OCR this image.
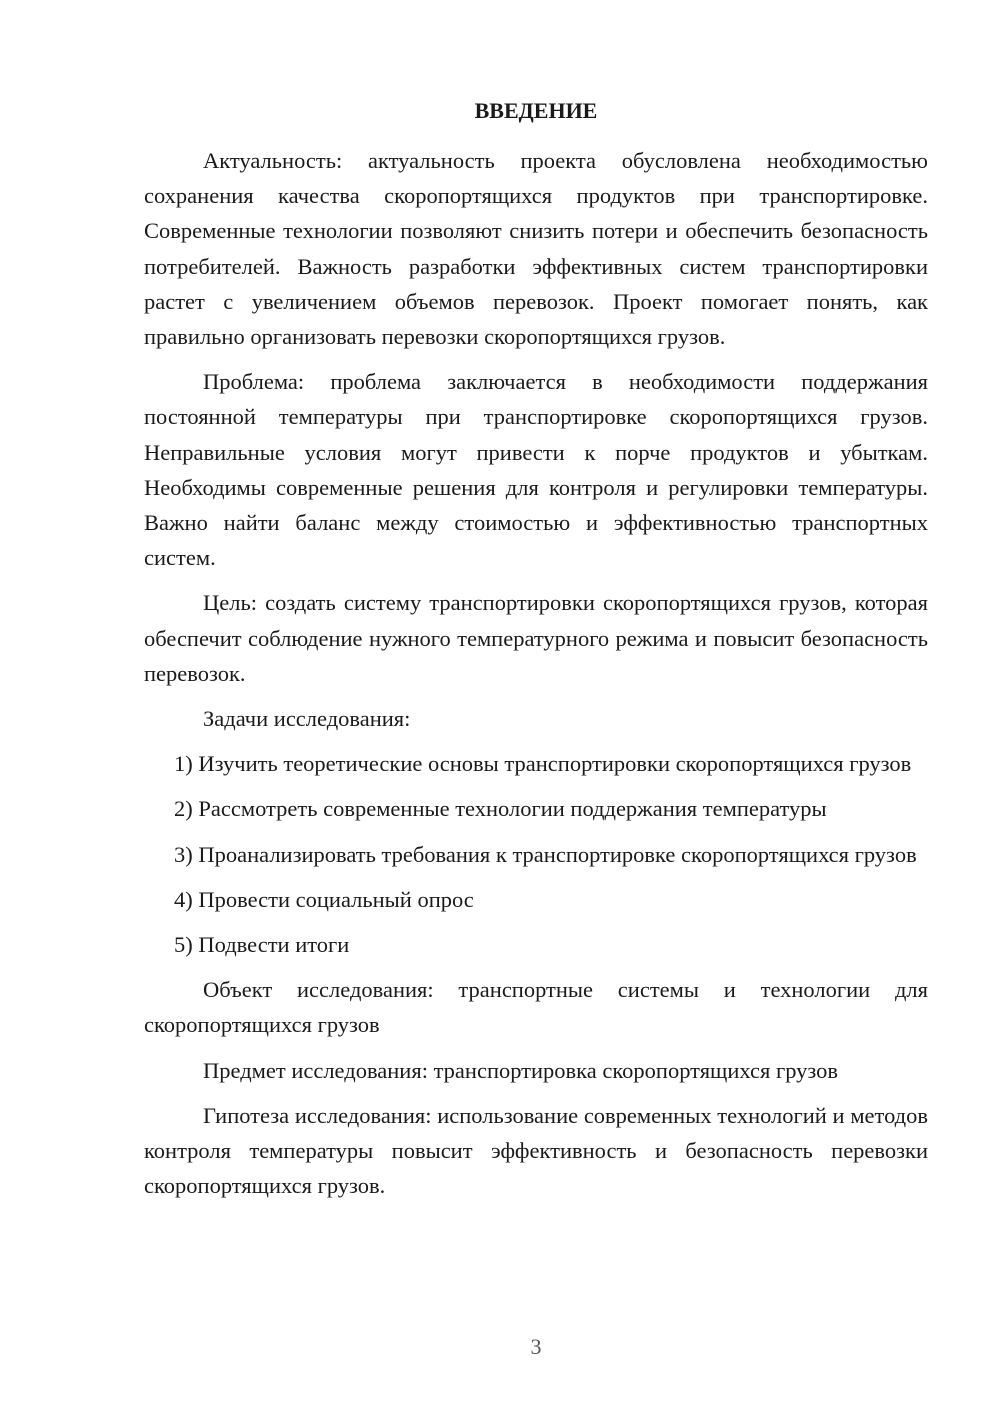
ВВЕДЕНИЕ

Актуальность: актуальность проекта обусловлена необходимостью сохранения качества скоропортящихся продуктов при транспортировке. Современные технологии позволяют снизить потери и обеспечить безопасность потребителей. Важность разработки эффективных систем транспортировки растет с увеличением объемов перевозок. Проект помогает понять, как правильно организовать перевозки скоропортящихся грузов.

Проблема: проблема заключается в необходимости поддержания постоянной температуры при транспортировке скоропортящихся грузов. Неправильные условия могут привести к порче продуктов и убыткам. Необходимы современные решения для контроля и регулировки температуры. Важно найти баланс между стоимостью и эффективностью транспортных систем.

Цель: создать систему транспортировки скоропортящихся грузов, которая обеспечит соблюдение нужного температурного режима и повысит безопасность перевозок.

Задачи исследования:

1) Изучить теоретические основы транспортировки скоропортящихся грузов

2) Рассмотреть современные технологии поддержания температуры

3) Проанализировать требования к транспортировке скоропортящихся грузов

4) Провести социальный опрос

5) Подвести итоги

Объект исследования: транспортные системы и технологии для скоропортящихся грузов

Предмет исследования: транспортировка скоропортящихся грузов

Гипотеза исследования: использование современных технологий и методов контроля температуры повысит эффективность и безопасность перевозки скоропортящихся грузов.

3
